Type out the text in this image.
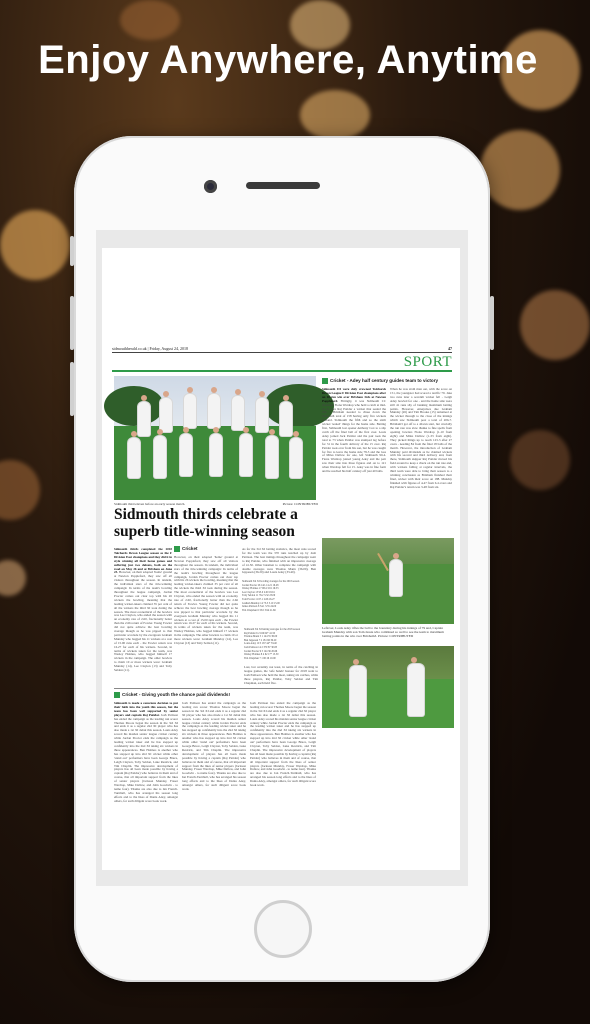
Enjoy Anywhere, Anytime
sidmouthherald.co.uk | Friday, August 24, 2018	47
SPORT
Sidmouth third eleven before an early season match.	Picture: CONTRIBUTED
Sidmouth thirds celebrate a superb title-winning season
Sidmouth thirds completed the 2018 Tolchards Devon League season as the F Division East champions and they did it in style winning all their home games and suffering just two defeats, both on the road on May 26 and at Brixham on June 23. However, on their adopted 'home' ground at Newton Poppleford, they saw off all visitors throughout the season. In tandem, the individual stars of the title-winning campaign: In terms of the team's bowling throughout the league campaign, Jordan Procter comes out clear top with his 26 wickets the bowling, meaning that the leading wicket-takers claimed 35 per cent of all the wickets the third XI took during the season. The most economical of the bowlers was Lee Clayton, who ended the season with an economy rate of 2.60, fractionally better than the 2.66 return of Fowler. Young Fowler did not quite achieve the best bowling average though as he was pipped to that particular accolade by the evergreen Graham Munday who bagged his 11 wickets at a cost of 15.00 runs each - the Fowler return was 16.27 for each of his wickets. Second, in terms of wickets taken for the team, was Wesley Holmes, who bagged himself 17 wickets in the campaign. The other bowlers to claim 10 or more wickets were: Graham Munday (14), Lee Clayton (13) and Toby Seldon (11).
Cricket
However, on their adopted 'home' ground at Newton Poppleford, they saw off all visitors throughout the season. In tandem, the individual stars of the title-winning campaign: In terms of the team's bowling throughout the league campaign, Jordan Procter comes out clear top with his 26 wickets the bowling, meaning that the leading wicket-takers claimed 35 per cent of all the wickets the third XI took during the season. The most economical of the bowlers was Lee Clayton, who ended the season with an economy rate of 2.60, fractionally better than the 2.66 return of Fowler. Young Fowler did not quite achieve the best bowling average though as he was pipped to that particular accolade by the evergreen Graham Munday who bagged his 11 wickets at a cost of 15.00 runs each - the Fowler return was 16.27 for each of his wickets. Second, in terms of wickets taken for the team, was Wesley Holmes, who bagged himself 17 wickets in the campaign. The other bowlers to claim 10 or more wickets were: Graham Munday (14), Lee Clayton (13) and Toby Seldon (11).
As for the 3rd XI batting statistics, the most runs scored for the team was the 370 runs notched up by Josh Pattison. The best innings throughout the campaign went to Raj Patidar, who finished with an impressive average of 41.50. Other batsmen to complete the campaign with double averages were Thomas Mann (36.00), Ben Jeppesen (36.20) and Louis Adey (33.40).
Sidmouth 3rd XI bowling averages for the 2018 season
Jordan Procter 26 142.1 4.21 16.28
Wesley Holmes 17 98.4 3.91 19.53
Lee Clayton 13 93.0 2.60 18.61
Toby Seldon 11 76.2 3.32 23.09
Tom Fowler 11 67.1 2.66 16.27
Graham Munday 14 73.3 3.10 15.00
James Pattison 8 54.1 3.55 24.00
Tim Chapman 6 33.0 3.94 21.66
Cricket - Giving youth the chance paid dividends!
Sidmouth is made a conscious decision to put their faith into the youth this season, but the team has been well supported by senior players and captain Raj Patidar. Josh Pattison has ended the campaign as the leading run scorer Thomas Moore began the season in the 3rd XI and ends it as a regular 2nd XI player who has also made a 1st XI debut this season. Louis Adey scored his maiden senior league cricket century while Jordan Procter ends the campaign as the leading wicket taker and he has stepped up confidently into the 2nd XI taking six wickets in three appearances. Ben Holmes is another who has stepped up into 2nd XI cricket while other 'stand out' performers have been George Bruce, Leigh Clayton, Toby Seldon, Luke Restrick, and Tim Chaplin. The impressive development of players has all been made possible by having a captain (Raj Patidar) who believes in them and of course, that all important support from the likes of senior players (Jackson Munday, Fraser Wardrop, Mike Dallow, and John Goodwin - to name four). Thanks are also due to Ian French-Turnbull, who has arranged his season long efforts and to the likes of Dania Adey, amongst others, for such diligent score book work.
Josh Pattison has ended the campaign as the leading run scorer Thomas Moore began the season in the 3rd XI and ends it as a regular 2nd XI player who has also made a 1st XI debut this season. Louis Adey scored his maiden senior league cricket century while Jordan Procter ends the campaign as the leading wicket taker and he has stepped up confidently into the 2nd XI taking six wickets in three appearances. Ben Holmes is another who has stepped up into 2nd XI cricket while other 'stand out' performers have been George Bruce, Leigh Clayton, Toby Seldon, Luke Restrick, and Tim Chaplin. The impressive development of players has all been made possible by having a captain (Raj Patidar) who believes in them and of course, that all important support from the likes of senior players (Jackson Munday, Fraser Wardrop, Mike Dallow, and John Goodwin - to name four). Thanks are also due to Ian French-Turnbull, who has arranged his season long efforts and to the likes of Dania Adey, amongst others, for such diligent score book work.
Josh Pattison has ended the campaign as the leading run scorer Thomas Moore began the season in the 3rd XI and ends it as a regular 2nd XI player who has also made a 1st XI debut this season. Louis Adey scored his maiden senior league cricket century while Jordan Procter ends the campaign as the leading wicket taker and he has stepped up confidently into the 2nd XI taking six wickets in three appearances. Ben Holmes is another who has stepped up into 2nd XI cricket while other 'stand out' performers have been George Bruce, Leigh Clayton, Toby Seldon, Luke Restrick, and Tim Chaplin. The impressive development of players has all been made possible by having a captain (Raj Patidar) who believes in them and of course, that all important support from the likes of senior players (Jackson Munday, Fraser Wardrop, Mike Dallow, and John Goodwin - to name four). Thanks are also due to Ian French-Turnbull, who has arranged his season long efforts and to the likes of Dania Adey, amongst others, for such diligent score book work.
Cricket - Adey half century guides team to victory
Sidmouth III were duly crowned Tolchards Devon League F Division East champions after an 18-run win over Brixham 3rds at Newton Poppleford. Fittingly, it was Sidmouth CC chairman Fiona Wardrop who held a catch at mid-on to give Raj Patidar a wicket that sealed the title - Brixham needed to chase down the Sidmouth total of 158 having only five wickets in-hand. Sidmouth the fifth and so the sixth wicket 'sealed' things for the home side. Batting first, Sidmouth lost opener Anthony Cox to a slip catch off the final ball of the first over. Louis Adey joined Jack Patidar and the pair took the total to 73 when Patidar was stumped leg before for 31 in the fourth delivery of the 15 over. Raj Patidar took over from his son, but he was caught for five to leave the home side 78-3 and the loss of Miles Dallow for one, left Sidmouth 90-4. Fiona Wardrop joined young Adey and the pair saw their side into three figures and on to 121 when Wardrop fell for 15. Adey was in fine form and he reached his half century off just 40 balls.
When he was sixth man out, with the score on 151, the youngster had scored a terrific 79. Jake two runs later a seventh wicket fell - Leigh Adey bowled for one - and the home side were still 41 runs shy of banking maximum batting points. However, enterprises due Graham Munday (26) and Tim Brooks (15) remained at the wicket through to the close of the innings which saw Sidmouth post a total of 206-7. Brixham3 got off to a 40-run start, but crucially the run rate was slow thanks to fine spells from opening bowlers Fiona Wardrop (1-10 from eight) and Miles Dallow (1-33 from eight). They picked things up to reach 123-3 after 27 overs - needing 84 from the final 18 balls of the match. However, the introduction of Graham Munday paid dividends as he claimed wickets with his second and third delivery and, from there, Sidmouth skipper Raj Patidar moved his field around to keep a check on the run rate and, with wickets falling at regular intervals, the third team were able to bring their season to a winning conclusion as Brixham finished their final, wicket with their score on 188. Munday finished with figures of 4-47 from 6.4 overs and Raj Patidar's return was 3-48 from six.
Sidmouth 3rd XI batting averages for the 2018 season
Raj Patidar 6 2 166 64* 41.50
Thomas Mann 5 1 144 55 36.00
Ben Jeppesen 7 2 181 66 36.20
Louis Adey 10 5 167 44* 33.40
Josh Pattison 14 2 370 87 30.83
Jordan Procter 9 3 124 36 20.66
Wesley Holmes 8 4 62 17* 15.50
Tim Chapman 7 1 60 26 10.00
Last, but certainly not least, in terms of the catching in league games, the 'safe hands' honour for 2018 went to Josh Pattison who held the most, taking six catches, while three players, Raj Patidar, Toby Seldon and Tim Chapman, each held five.
Leftover, Louis Adey rifles the ball to the boundary during his innings of 79 and, Captain Graham Munday with son Tom Jessie who combined so well to see the team to maximum batting points in the win over Brixham3. Picture: CONTRIBUTED
